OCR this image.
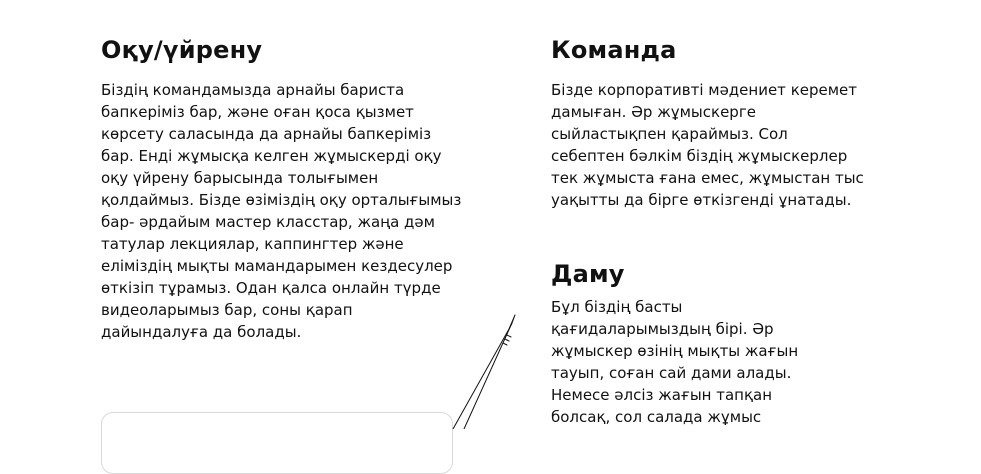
Оқу/үйрену

Біздің командамызда арнайы бариста
бапкеріміз бар, және оған қоса қызмет
көрсету саласында да арнайы бапкеріміз
бар. Енді жұмысқа келген жұмыскерді оқу
оқу үйрену барысында толығымен
қолдаймыз. Бізде өзіміздің оқу орталығымыз
бар- әрдайым мастер класстар, жаңа дәм
татулар лекциялар, каппингтер және
еліміздің мықты мамандарымен кездесулер
өткізіп тұрамыз. Одан қалса онлайн түрде
видеоларымыз бар, соны қарап
дайындалуға да болады.

Команда

Бізде корпоративті мәдениет керемет
дамыған. Әр жұмыскерге
сыйластықпен қараймыз. Сол
себептен бәлкім біздің жұмыскерлер
тек жұмыста ғана емес, жұмыстан тыс
уақытты да бірге өткізгенді ұнатады.

Даму

Бұл біздің басты
қағидаларымыздың бірі. Әр
жұмыскер өзінің мықты жағын
тауып, соған сай дами алады.
Немесе әлсіз жағын тапқан
болсақ, сол салада жұмыс
